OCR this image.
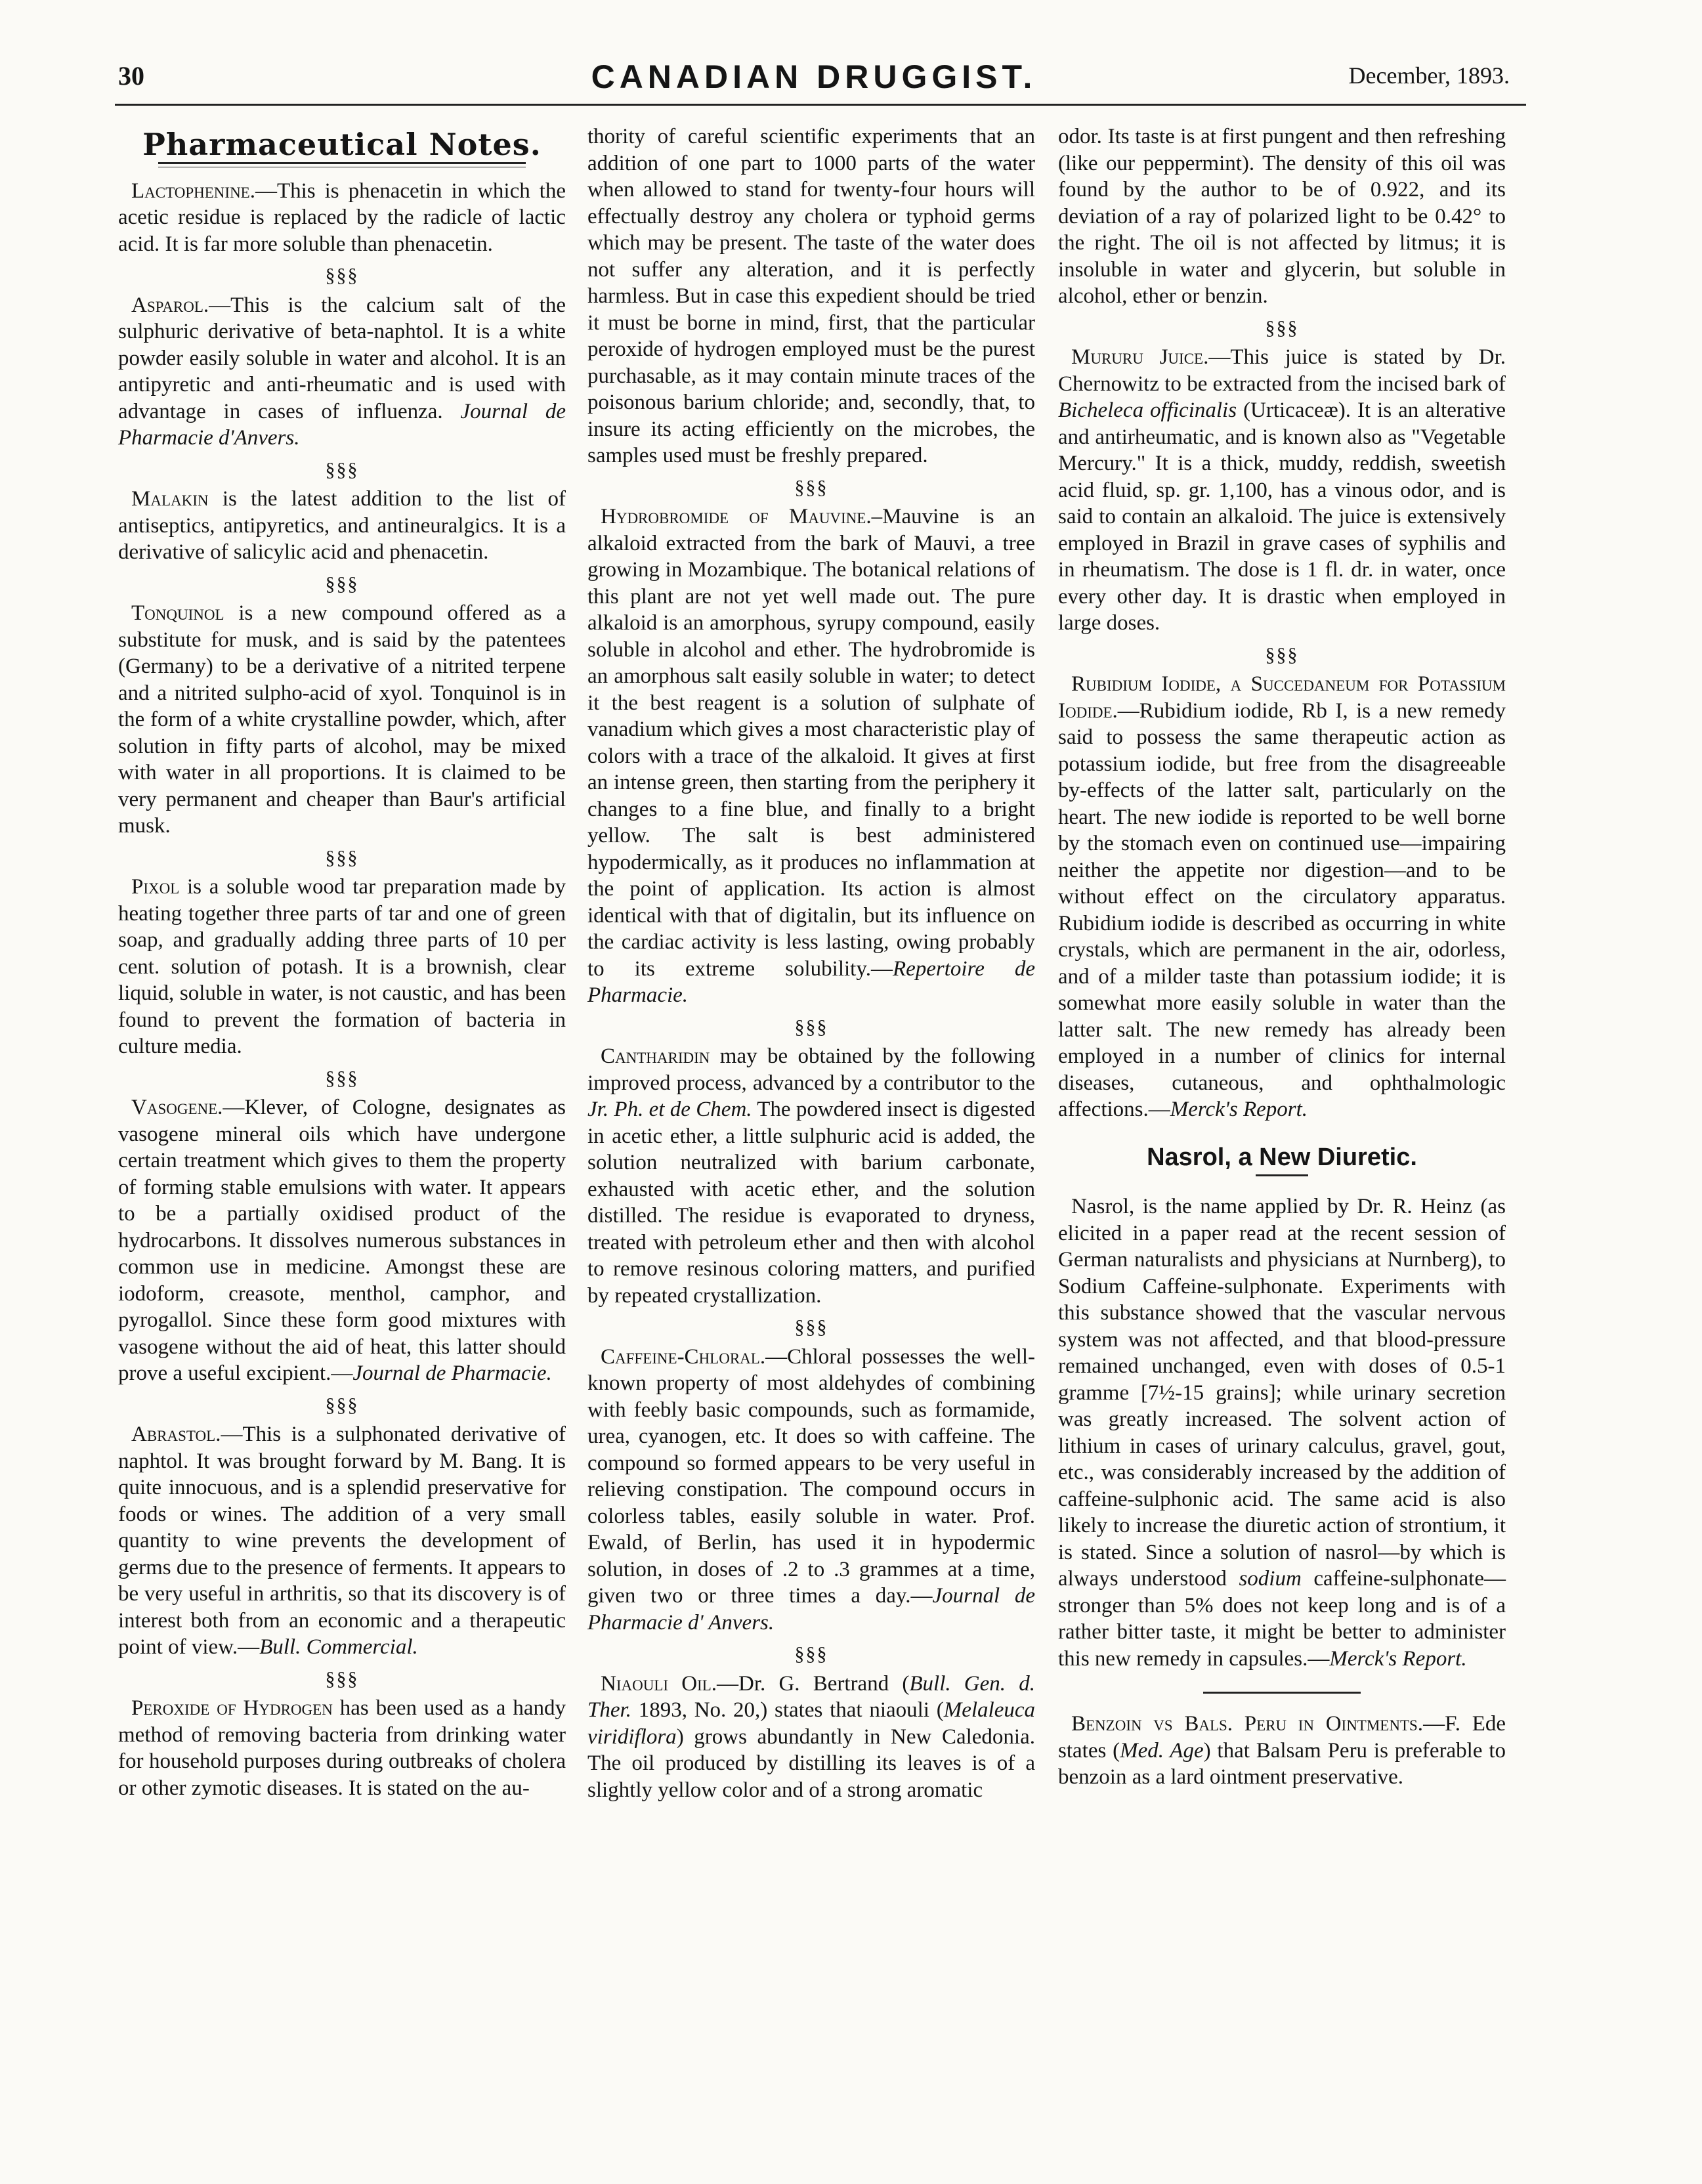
30	CANADIAN DRUGGIST.	December, 1893.
Pharmaceutical Notes.

Lactophenine.—This is phenacetin in which the acetic residue is replaced by the radicle of lactic acid. It is far more soluble than phenacetin.

§§§

Asparol.—This is the calcium salt of the sulphuric derivative of beta-naphtol. It is a white powder easily soluble in water and alcohol. It is an antipyretic and anti-rheumatic and is used with advantage in cases of influenza. Journal de Pharmacie d'Anvers.

§§§

Malakin is the latest addition to the list of antiseptics, antipyretics, and antineuralgics. It is a derivative of salicylic acid and phenacetin.

§§§

Tonquinol is a new compound offered as a substitute for musk, and is said by the patentees (Germany) to be a derivative of a nitrited terpene and a nitrited sulpho-acid of xyol. Tonquinol is in the form of a white crystalline powder, which, after solution in fifty parts of alcohol, may be mixed with water in all proportions. It is claimed to be very permanent and cheaper than Baur's artificial musk.

§§§

Pixol is a soluble wood tar preparation made by heating together three parts of tar and one of green soap, and gradually adding three parts of 10 per cent. solution of potash. It is a brownish, clear liquid, soluble in water, is not caustic, and has been found to prevent the formation of bacteria in culture media.

§§§

Vasogene.—Klever, of Cologne, designates as vasogene mineral oils which have undergone certain treatment which gives to them the property of forming stable emulsions with water. It appears to be a partially oxidised product of the hydrocarbons. It dissolves numerous substances in common use in medicine. Amongst these are iodoform, creasote, menthol, camphor, and pyrogallol. Since these form good mixtures with vasogene without the aid of heat, this latter should prove a useful excipient.—Journal de Pharmacie.

§§§

Abrastol.—This is a sulphonated derivative of naphtol. It was brought forward by M. Bang. It is quite innocuous, and is a splendid preservative for foods or wines. The addition of a very small quantity to wine prevents the development of germs due to the presence of ferments. It appears to be very useful in arthritis, so that its discovery is of interest both from an economic and a therapeutic point of view.—Bull. Commercial.

§§§

Peroxide of Hydrogen has been used as a handy method of removing bacteria from drinking water for household purposes during outbreaks of cholera or other zymotic diseases. It is stated on the au-

thority of careful scientific experiments that an addition of one part to 1000 parts of the water when allowed to stand for twenty-four hours will effectually destroy any cholera or typhoid germs which may be present. The taste of the water does not suffer any alteration, and it is perfectly harmless. But in case this expedient should be tried it must be borne in mind, first, that the particular peroxide of hydrogen employed must be the purest purchasable, as it may contain minute traces of the poisonous barium chloride; and, secondly, that, to insure its acting efficiently on the microbes, the samples used must be freshly prepared.

§§§

Hydrobromide of Mauvine.–Mauvine is an alkaloid extracted from the bark of Mauvi, a tree growing in Mozambique. The botanical relations of this plant are not yet well made out. The pure alkaloid is an amorphous, syrupy compound, easily soluble in alcohol and ether. The hydrobromide is an amorphous salt easily soluble in water; to detect it the best reagent is a solution of sulphate of vanadium which gives a most characteristic play of colors with a trace of the alkaloid. It gives at first an intense green, then starting from the periphery it changes to a fine blue, and finally to a bright yellow. The salt is best administered hypodermically, as it produces no inflammation at the point of application. Its action is almost identical with that of digitalin, but its influence on the cardiac activity is less lasting, owing probably to its extreme solubility.—Repertoire de Pharmacie.

§§§

Cantharidin may be obtained by the following improved process, advanced by a contributor to the Jr. Ph. et de Chem. The powdered insect is digested in acetic ether, a little sulphuric acid is added, the solution neutralized with barium carbonate, exhausted with acetic ether, and the solution distilled. The residue is evaporated to dryness, treated with petroleum ether and then with alcohol to remove resinous coloring matters, and purified by repeated crystallization.

§§§

Caffeine-Chloral.—Chloral possesses the well-known property of most aldehydes of combining with feebly basic compounds, such as formamide, urea, cyanogen, etc. It does so with caffeine. The compound so formed appears to be very useful in relieving constipation. The compound occurs in colorless tables, easily soluble in water. Prof. Ewald, of Berlin, has used it in hypodermic solution, in doses of .2 to .3 grammes at a time, given two or three times a day.—Journal de Pharmacie d' Anvers.

§§§

Niaouli Oil.—Dr. G. Bertrand (Bull. Gen. d. Ther. 1893, No. 20,) states that niaouli (Melaleuca viridiflora) grows abundantly in New Caledonia. The oil produced by distilling its leaves is of a slightly yellow color and of a strong aromatic

odor. Its taste is at first pungent and then refreshing (like our peppermint). The density of this oil was found by the author to be of 0.922, and its deviation of a ray of polarized light to be 0.42° to the right. The oil is not affected by litmus; it is insoluble in water and glycerin, but soluble in alcohol, ether or benzin.

§§§

Mururu Juice.—This juice is stated by Dr. Chernowitz to be extracted from the incised bark of Bicheleca officinalis (Urticaceæ). It is an alterative and antirheumatic, and is known also as "Vegetable Mercury." It is a thick, muddy, reddish, sweetish acid fluid, sp. gr. 1,100, has a vinous odor, and is said to contain an alkaloid. The juice is extensively employed in Brazil in grave cases of syphilis and in rheumatism. The dose is 1 fl. dr. in water, once every other day. It is drastic when employed in large doses.

§§§

Rubidium Iodide, a Succedaneum for Potassium Iodide.—Rubidium iodide, Rb I, is a new remedy said to possess the same therapeutic action as potassium iodide, but free from the disagreeable by-effects of the latter salt, particularly on the heart. The new iodide is reported to be well borne by the stomach even on continued use—impairing neither the appetite nor digestion—and to be without effect on the circulatory apparatus. Rubidium iodide is described as occurring in white crystals, which are permanent in the air, odorless, and of a milder taste than potassium iodide; it is somewhat more easily soluble in water than the latter salt. The new remedy has already been employed in a number of clinics for internal diseases, cutaneous, and ophthalmologic affections.—Merck's Report.

Nasrol, a New Diuretic.

Nasrol, is the name applied by Dr. R. Heinz (as elicited in a paper read at the recent session of German naturalists and physicians at Nurnberg), to Sodium Caffeine-sulphonate. Experiments with this substance showed that the vascular nervous system was not affected, and that blood-pressure remained unchanged, even with doses of 0.5-1 gramme [7½-15 grains]; while urinary secretion was greatly increased. The solvent action of lithium in cases of urinary calculus, gravel, gout, etc., was considerably increased by the addition of caffeine-sulphonic acid. The same acid is also likely to increase the diuretic action of strontium, it is stated. Since a solution of nasrol—by which is always understood sodium caffeine-sulphonate—stronger than 5% does not keep long and is of a rather bitter taste, it might be better to administer this new remedy in capsules.—Merck's Report.

Benzoin vs Bals. Peru in Ointments.—F. Ede states (Med. Age) that Balsam Peru is preferable to benzoin as a lard ointment preservative.
